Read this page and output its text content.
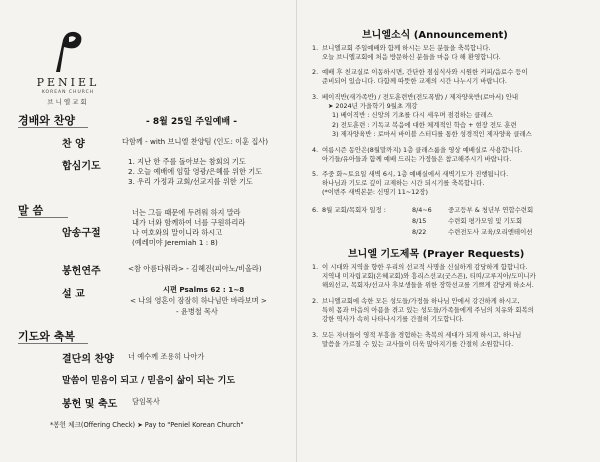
PENIEL
KOREAN CHURCH
브니엘교회
경배와 찬양	- 8월 25일 주일예배 -
찬 양	다함께 - with 브니엘 찬양팀 (인도: 이훈 집사)
합심기도	1. 지난 한 주를 돌아보는 참회의 기도
2. 오늘 예배에 임할 영광/은혜를 위한 기도
3. 우리 가정과 교회/선교지를 위한 기도
말 씀
암송구절
너는 그들 때문에 두려워 하지 말라
내가 너와 함께하여 너를 구원하리라
나 여호와의 말이니라 하시고
(예레미야 Jeremiah 1 : 8)
봉헌연주	<참 아름다워라> - 김혜진(피아노/비올라)
설 교	시편 Psalms 62 : 1~8
< 나의 영혼이 잠잠히 하나님만 바라보며 >
- 윤병철 목사
기도와 축복
결단의 찬양 너 예수께 조용히 나아가
말씀이 믿음이 되고 / 믿음이 삶이 되는 기도
봉헌 및 축도 담임목사
*봉헌 체크(Offering Check) ➤ Pay to "Peniel Korean Church"
브니엘소식 (Announcement)
1. 브니엘교회 주일예배와 함께 하시는 모든 분들을 축복합니다.
오늘 브니엘교회에 처음 방문하신 분들을 마음 다 해 환영합니다.
2. 예배 후 친교실로 이동하시면, 간단한 점심식사와 시원한 커피/음료수 등이
준비되어 있습니다. 다함께 따뜻한 교제의 시간 나누시기 바랍니다.
3. 베이직반(새가족반) / 전도훈련반(전도폭발) / 제자양육반(로마서) 안내
➤ 2024년 가을학기 9월초 개강
1) 베이직반 : 신앙의 기초를 다시 세우며 점검하는 클래스
2) 전도훈련 : 기독교 복음에 대한 체계적인 학습 + 현장 전도 훈련
3) 제자양육반 : 로마서 바이블 스터디를 통한 성경적인 제자양육 클래스
4. 여름시즌 동안은(8월말까지) 1층 클래스룸을 영상 예배실로 사용합니다.
아기들/유아들과 함께 예배 드리는 가정들은 참고해주시기 바랍니다.
5. 주중 화~토요일 새벽 6시, 1층 예배실에서 새벽기도가 진행됩니다.
하나님과 기도로 깊이 교제하는 시간 되시기를 축복합니다.
(*이번주 새벽본문: 신명기 11~12장)
6. 8월 교회/목회자 일정 :	8/4~6	중고등부 & 청년부 연합수련회
8/15	수련회 평가모임 및 기도회
8/22	수련전도사 교육/오리엔테이션
브니엘 기도제목 (Prayer Requests)
1. 이 시대와 지역을 향한 우리의 선교적 사명을 신실하게 감당하게 함합니다.
지역내 미자립교회(은혜교회)와 흥리스선교(굿스픈), 티띠/고루지아/도미니카
해외선교, 목회자/선교사 후보생들을 위한 장학선교를 기쁘게 감당케 하소서.
2. 브니엘교회에 속한 모든 성도들/가정들 하나님 안에서 강건하게 하시고,
특히 몸과 마음의 아픔을 겪고 있는 성도들/가족들에게 주님의 치유와 회복의
강한 역사가 속히 나타나시기를 간절히 기도합니다.
3. 모든 자녀들이 영적 부흥을 경험하는 축복의 세대가 되게 하시고, 하나님
말씀을 가르칠 수 있는 교사들이 더욱 많아지기를 간절히 소원합니다.
